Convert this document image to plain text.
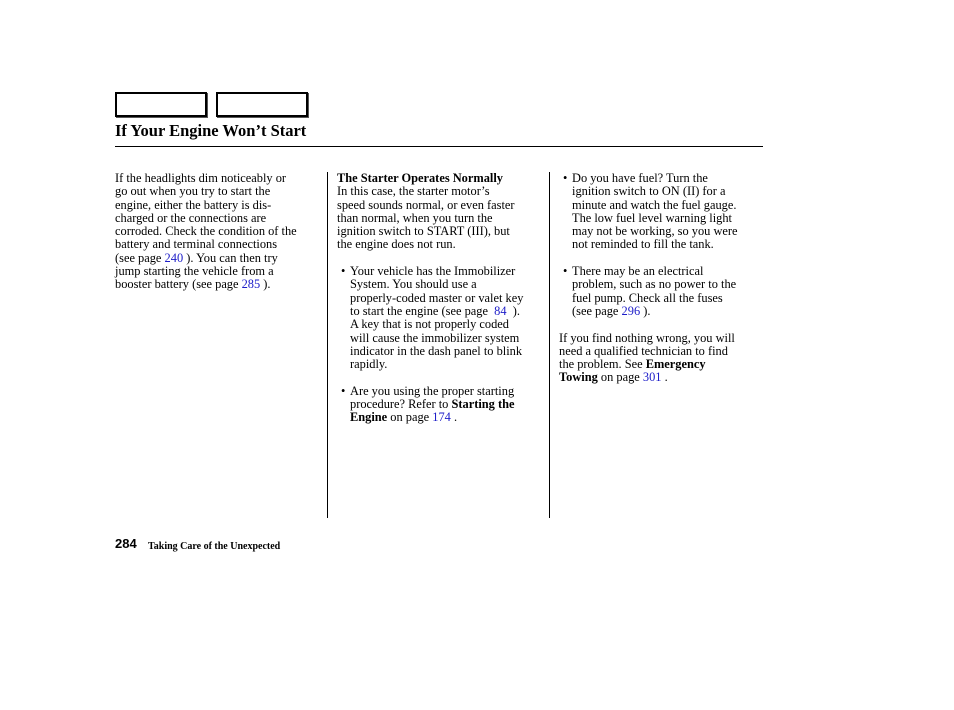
If Your Engine Won’t Start

If the headlights dim noticeably or
go out when you try to start the
engine, either the battery is dis-
charged or the connections are
corroded. Check the condition of the
battery and terminal connections
(see page 240 ). You can then try
jump starting the vehicle from a
booster battery (see page 285 ).

The Starter Operates Normally
In this case, the starter motor’s
speed sounds normal, or even faster
than normal, when you turn the
ignition switch to START (III), but
the engine does not run.

• Your vehicle has the Immobilizer
System. You should use a
properly-coded master or valet key
to start the engine (see page  84  ).
A key that is not properly coded
will cause the immobilizer system
indicator in the dash panel to blink
rapidly.

• Are you using the proper starting
procedure? Refer to Starting the
Engine on page 174 .

• Do you have fuel? Turn the
ignition switch to ON (II) for a
minute and watch the fuel gauge.
The low fuel level warning light
may not be working, so you were
not reminded to fill the tank.

• There may be an electrical
problem, such as no power to the
fuel pump. Check all the fuses
(see page 296 ).

If you find nothing wrong, you will
need a qualified technician to find
the problem. See Emergency
Towing on page 301 .

284 Taking Care of the Unexpected
